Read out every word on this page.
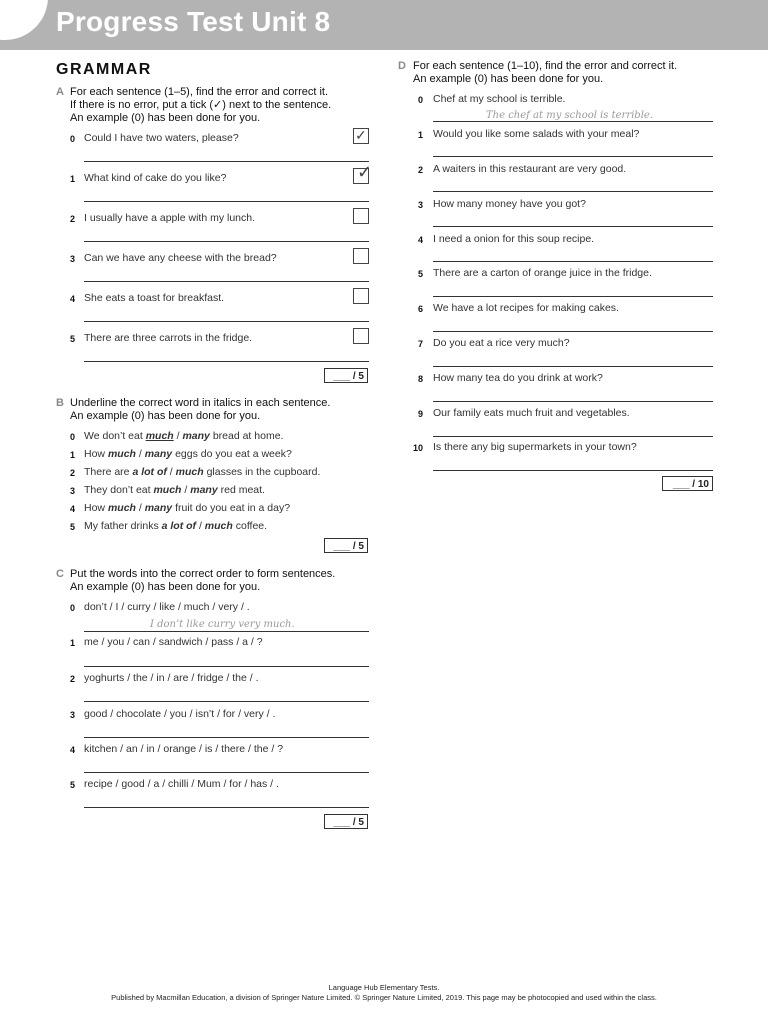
Progress Test Unit 8
GRAMMAR
A For each sentence (1–5), find the error and correct it.
If there is no error, put a tick (✓) next to the sentence.
An example (0) has been done for you.
0 Could I have two waters, please?	✓
1 What kind of cake do you like?	✓
2 I usually have a apple with my lunch.
3 Can we have any cheese with the bread?
4 She eats a toast for breakfast.
5 There are three carrots in the fridge.
___ / 5
B Underline the correct word in italics in each sentence.
An example (0) has been done for you.
0 We don’t eat much / many bread at home.
1 How much / many eggs do you eat a week?
2 There are a lot of / much glasses in the cupboard.
3 They don’t eat much / many red meat.
4 How much / many fruit do you eat in a day?
5 My father drinks a lot of / much coffee.
___ / 5
C Put the words into the correct order to form sentences.
An example (0) has been done for you.
0 don’t / I / curry / like / much / very / .
I don’t like curry very much.
1 me / you / can / sandwich / pass / a / ?
2 yoghurts / the / in / are / fridge / the / .
3 good / chocolate / you / isn’t / for / very / .
4 kitchen / an / in / orange / is / there / the / ?
5 recipe / good / a / chilli / Mum / for / has / .
___ / 5
D For each sentence (1–10), find the error and correct it.
An example (0) has been done for you.
0 Chef at my school is terrible.
The chef at my school is terrible.
1 Would you like some salads with your meal?
2 A waiters in this restaurant are very good.
3 How many money have you got?
4 I need a onion for this soup recipe.
5 There are a carton of orange juice in the fridge.
6 We have a lot recipes for making cakes.
7 Do you eat a rice very much?
8 How many tea do you drink at work?
9 Our family eats much fruit and vegetables.
10 Is there any big supermarkets in your town?
___ / 10
Language Hub Elementary Tests.
Published by Macmillan Education, a division of Springer Nature Limited. © Springer Nature Limited, 2019. This page may be photocopied and used within the class.
